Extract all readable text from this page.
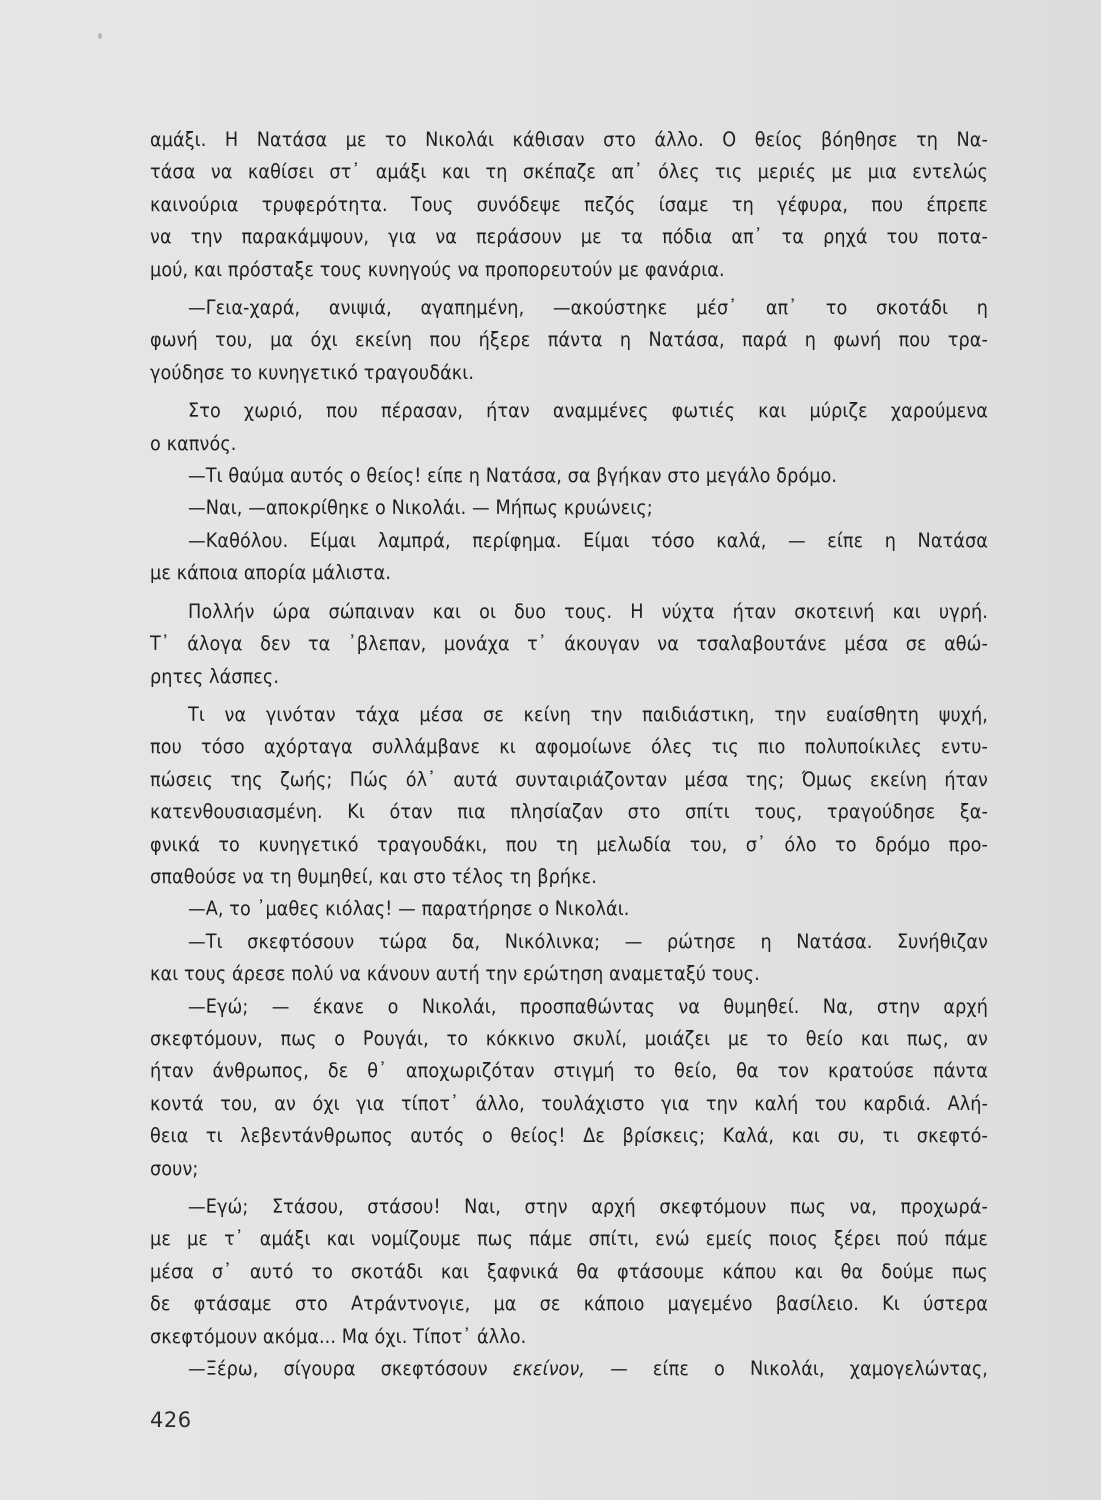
αμάξι. Η Νατάσα με το Νικολάι κάθισαν στο άλλο. Ο θείος βόηθησε τη Να-
τάσα να καθίσει στ᾽ αμάξι και τη σκέπαζε απ᾽ όλες τις μεριές με μια εντελώς
καινούρια τρυφερότητα. Τους συνόδεψε πεζός ίσαμε τη γέφυρα, που έπρεπε
να την παρακάμψουν, για να περάσουν με τα πόδια απ᾽ τα ρηχά του ποτα-
μού, και πρόσταξε τους κυνηγούς να προπορευτούν με φανάρια.

—Γεια-χαρά, ανιψιά, αγαπημένη, —ακούστηκε μέσ᾽ απ᾽ το σκοτάδι η
φωνή του, μα όχι εκείνη που ήξερε πάντα η Νατάσα, παρά η φωνή που τρα-
γούδησε το κυνηγετικό τραγουδάκι.

Στο χωριό, που πέρασαν, ήταν αναμμένες φωτιές και μύριζε χαρούμενα
ο καπνός.

—Τι θαύμα αυτός ο θείος! είπε η Νατάσα, σα βγήκαν στο μεγάλο δρόμο.

—Ναι, —αποκρίθηκε ο Νικολάι. — Μήπως κρυώνεις;

—Καθόλου. Είμαι λαμπρά, περίφημα. Είμαι τόσο καλά, — είπε η Νατάσα
με κάποια απορία μάλιστα.

Πολλήν ώρα σώπαιναν και οι δυο τους. Η νύχτα ήταν σκοτεινή και υγρή.
Τ᾽ άλογα δεν τα ᾽βλεπαν, μονάχα τ᾽ άκουγαν να τσαλαβουτάνε μέσα σε αθώ-
ρητες λάσπες.

Τι να γινόταν τάχα μέσα σε κείνη την παιδιάστικη, την ευαίσθητη ψυχή,
που τόσο αχόρταγα συλλάμβανε κι αφομοίωνε όλες τις πιο πολυποίκιλες εντυ-
πώσεις της ζωής; Πώς όλ᾽ αυτά συνταιριάζονταν μέσα της; Όμως εκείνη ήταν
κατενθουσιασμένη. Κι όταν πια πλησίαζαν στο σπίτι τους, τραγούδησε ξα-
φνικά το κυνηγετικό τραγουδάκι, που τη μελωδία του, σ᾽ όλο το δρόμο προ-
σπαθούσε να τη θυμηθεί, και στο τέλος τη βρήκε.

—Α, το ᾽μαθες κιόλας! — παρατήρησε ο Νικολάι.

—Τι σκεφτόσουν τώρα δα, Νικόλινκα; — ρώτησε η Νατάσα. Συνήθιζαν
και τους άρεσε πολύ να κάνουν αυτή την ερώτηση αναμεταξύ τους.

—Εγώ; — έκανε ο Νικολάι, προσπαθώντας να θυμηθεί. Να, στην αρχή
σκεφτόμουν, πως ο Ρουγάι, το κόκκινο σκυλί, μοιάζει με το θείο και πως, αν
ήταν άνθρωπος, δε θ᾽ αποχωριζόταν στιγμή το θείο, θα τον κρατούσε πάντα
κοντά του, αν όχι για τίποτ᾽ άλλο, τουλάχιστο για την καλή του καρδιά. Αλή-
θεια τι λεβεντάνθρωπος αυτός ο θείος! Δε βρίσκεις; Καλά, και συ, τι σκεφτό-
σουν;

—Εγώ; Στάσου, στάσου! Ναι, στην αρχή σκεφτόμουν πως να, προχωρά-
με με τ᾽ αμάξι και νομίζουμε πως πάμε σπίτι, ενώ εμείς ποιος ξέρει πού πάμε
μέσα σ᾽ αυτό το σκοτάδι και ξαφνικά θα φτάσουμε κάπου και θα δούμε πως
δε φτάσαμε στο Ατράντνογιε, μα σε κάποιο μαγεμένο βασίλειο. Κι ύστερα
σκεφτόμουν ακόμα... Μα όχι. Τίποτ᾽ άλλο.

—Ξέρω, σίγουρα σκεφτόσουν εκείνον, — είπε ο Νικολάι, χαμογελώντας,

426
